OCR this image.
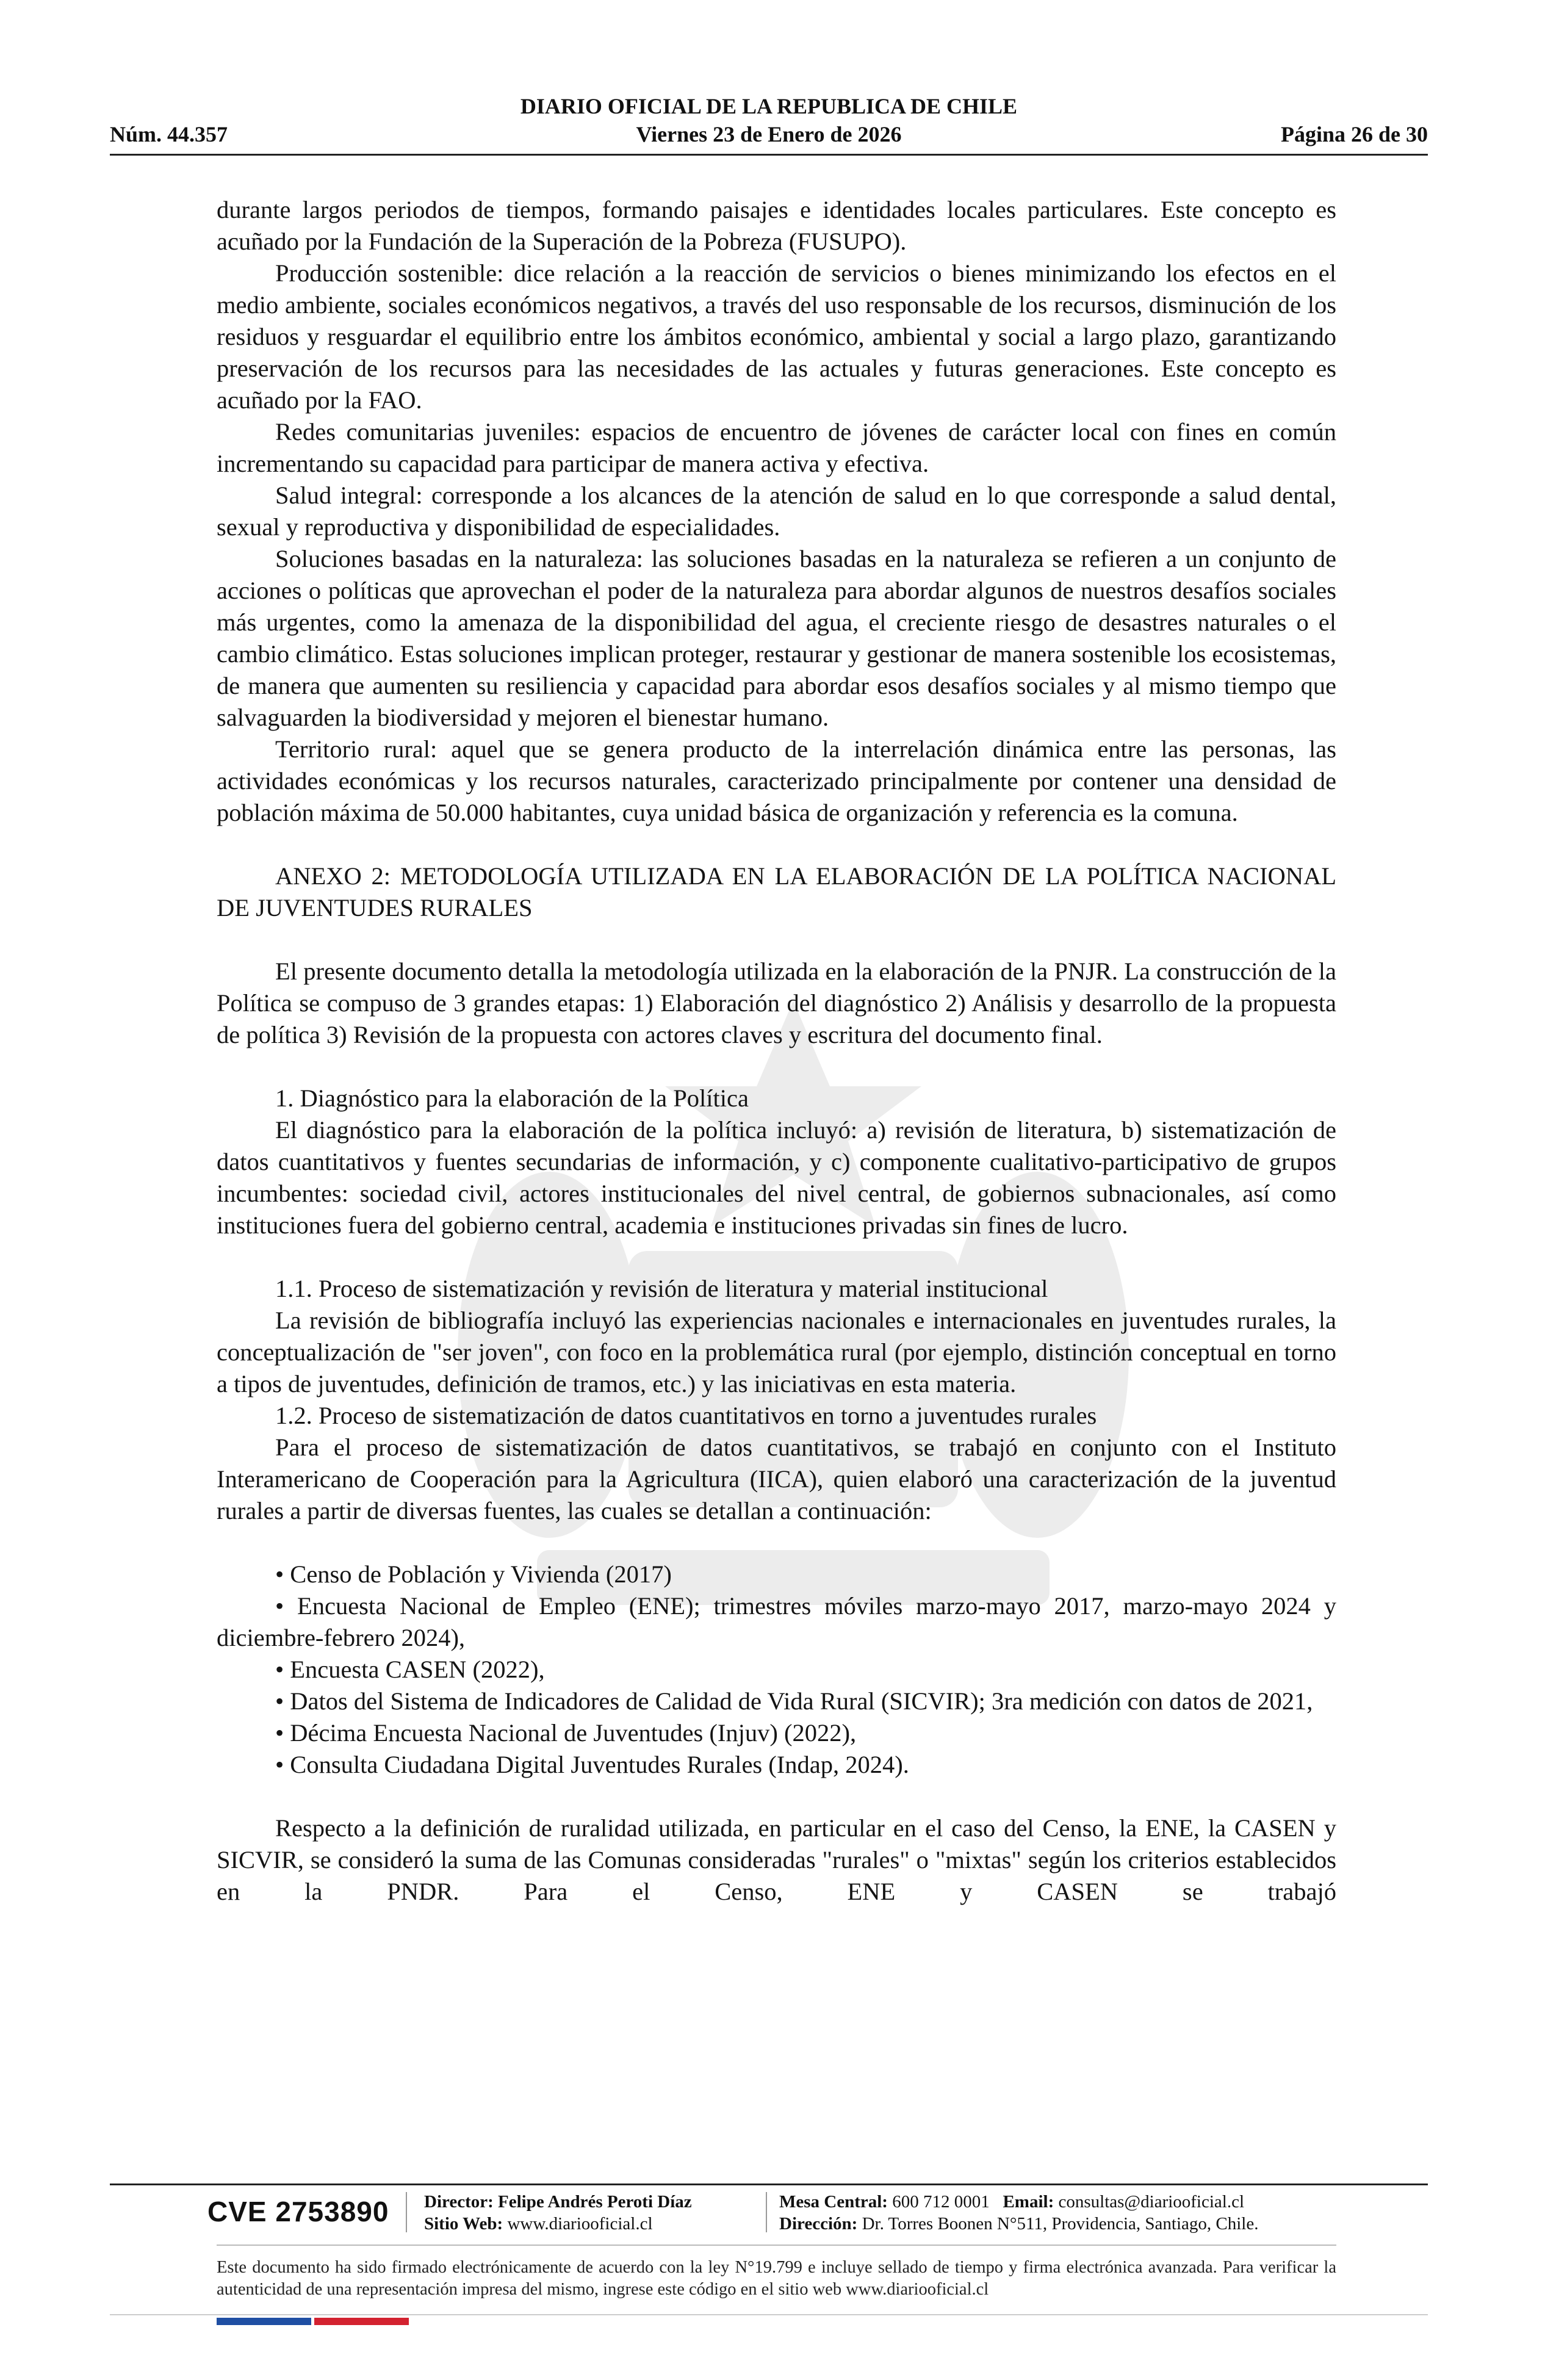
DIARIO OFICIAL DE LA REPUBLICA DE CHILE
Núm. 44.357	Viernes 23 de Enero de 2026	Página 26 de 30

durante largos periodos de tiempos, formando paisajes e identidades locales particulares. Este concepto es acuñado por la Fundación de la Superación de la Pobreza (FUSUPO).

Producción sostenible: dice relación a la reacción de servicios o bienes minimizando los efectos en el medio ambiente, sociales económicos negativos, a través del uso responsable de los recursos, disminución de los residuos y resguardar el equilibrio entre los ámbitos económico, ambiental y social a largo plazo, garantizando preservación de los recursos para las necesidades de las actuales y futuras generaciones. Este concepto es acuñado por la FAO.

Redes comunitarias juveniles: espacios de encuentro de jóvenes de carácter local con fines en común incrementando su capacidad para participar de manera activa y efectiva.

Salud integral: corresponde a los alcances de la atención de salud en lo que corresponde a salud dental, sexual y reproductiva y disponibilidad de especialidades.

Soluciones basadas en la naturaleza: las soluciones basadas en la naturaleza se refieren a un conjunto de acciones o políticas que aprovechan el poder de la naturaleza para abordar algunos de nuestros desafíos sociales más urgentes, como la amenaza de la disponibilidad del agua, el creciente riesgo de desastres naturales o el cambio climático. Estas soluciones implican proteger, restaurar y gestionar de manera sostenible los ecosistemas, de manera que aumenten su resiliencia y capacidad para abordar esos desafíos sociales y al mismo tiempo que salvaguarden la biodiversidad y mejoren el bienestar humano.

Territorio rural: aquel que se genera producto de la interrelación dinámica entre las personas, las actividades económicas y los recursos naturales, caracterizado principalmente por contener una densidad de población máxima de 50.000 habitantes, cuya unidad básica de organización y referencia es la comuna.

ANEXO 2: METODOLOGÍA UTILIZADA EN LA ELABORACIÓN DE LA POLÍTICA NACIONAL DE JUVENTUDES RURALES

El presente documento detalla la metodología utilizada en la elaboración de la PNJR. La construcción de la Política se compuso de 3 grandes etapas: 1) Elaboración del diagnóstico 2) Análisis y desarrollo de la propuesta de política 3) Revisión de la propuesta con actores claves y escritura del documento final.

1. Diagnóstico para la elaboración de la Política

El diagnóstico para la elaboración de la política incluyó: a) revisión de literatura, b) sistematización de datos cuantitativos y fuentes secundarias de información, y c) componente cualitativo-participativo de grupos incumbentes: sociedad civil, actores institucionales del nivel central, de gobiernos subnacionales, así como instituciones fuera del gobierno central, academia e instituciones privadas sin fines de lucro.

1.1. Proceso de sistematización y revisión de literatura y material institucional

La revisión de bibliografía incluyó las experiencias nacionales e internacionales en juventudes rurales, la conceptualización de "ser joven", con foco en la problemática rural (por ejemplo, distinción conceptual en torno a tipos de juventudes, definición de tramos, etc.) y las iniciativas en esta materia.

1.2. Proceso de sistematización de datos cuantitativos en torno a juventudes rurales

Para el proceso de sistematización de datos cuantitativos, se trabajó en conjunto con el Instituto Interamericano de Cooperación para la Agricultura (IICA), quien elaboró una caracterización de la juventud rurales a partir de diversas fuentes, las cuales se detallan a continuación:

• Censo de Población y Vivienda (2017)
• Encuesta Nacional de Empleo (ENE); trimestres móviles marzo-mayo 2017, marzo-mayo 2024 y diciembre-febrero 2024),
• Encuesta CASEN (2022),
• Datos del Sistema de Indicadores de Calidad de Vida Rural (SICVIR); 3ra medición con datos de 2021,
• Décima Encuesta Nacional de Juventudes (Injuv) (2022),
• Consulta Ciudadana Digital Juventudes Rurales (Indap, 2024).

Respecto a la definición de ruralidad utilizada, en particular en el caso del Censo, la ENE, la CASEN y SICVIR, se consideró la suma de las Comunas consideradas "rurales" o "mixtas" según los criterios establecidos en la PNDR. Para el Censo, ENE y CASEN se trabajó

CVE 2753890 Director: Felipe Andrés Peroti Díaz
Sitio Web: www.diariooficial.cl
Mesa Central: 600 712 0001 Email: consultas@diariooficial.cl
Dirección: Dr. Torres Boonen N°511, Providencia, Santiago, Chile.
Este documento ha sido firmado electrónicamente de acuerdo con la ley N°19.799 e incluye sellado de tiempo y firma electrónica avanzada. Para verificar la autenticidad de una representación impresa del mismo, ingrese este código en el sitio web www.diariooficial.cl
